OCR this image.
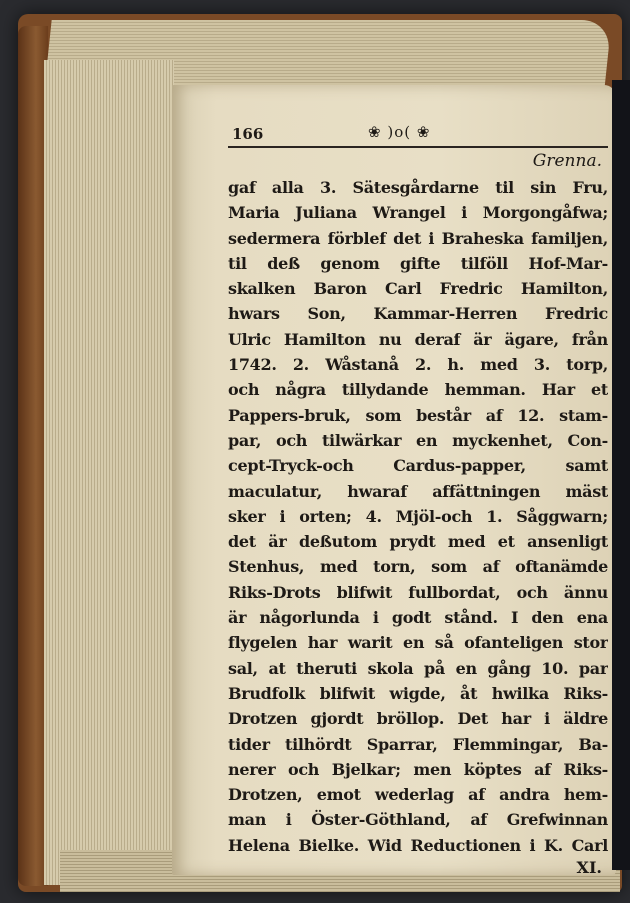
166	❀ )o( ❀
Grenna.
gaf alla 3. Sätesgårdarne til sin Fru,
Maria Juliana Wrangel i Morgongåfwa;
sedermera förblef det i Braheska familjen,
til deß genom gifte tilföll Hof-Mar-
skalken Baron Carl Fredric Hamilton,
hwars Son, Kammar-Herren Fredric
Ulric Hamilton nu deraf är ägare, från
1742. 2. Wåstanå 2. h. med 3. torp,
och några tillydande hemman. Har et
Pappers-bruk, som består af 12. stam-
par, och tilwärkar en myckenhet, Con-
cept-Tryck-och Cardus-papper, samt
maculatur, hwaraf affättningen mäst
sker i orten; 4. Mjöl-och 1. Såggwarn;
det är deßutom prydt med et ansenligt
Stenhus, med torn, som af oftanämde
Riks-Drots blifwit fullbordat, och ännu
är någorlunda i godt stånd. I den ena
flygelen har warit en så ofanteligen stor
sal, at theruti skola på en gång 10. par
Brudfolk blifwit wigde, åt hwilka Riks-
Drotzen gjordt bröllop. Det har i äldre
tider tilhördt Sparrar, Flemmingar, Ba-
nerer och Bjelkar; men köptes af Riks-
Drotzen, emot wederlag af andra hem-
man i Öster-Göthland, af Grefwinnan
Helena Bielke. Wid Reductionen i K. Carl
XI.
